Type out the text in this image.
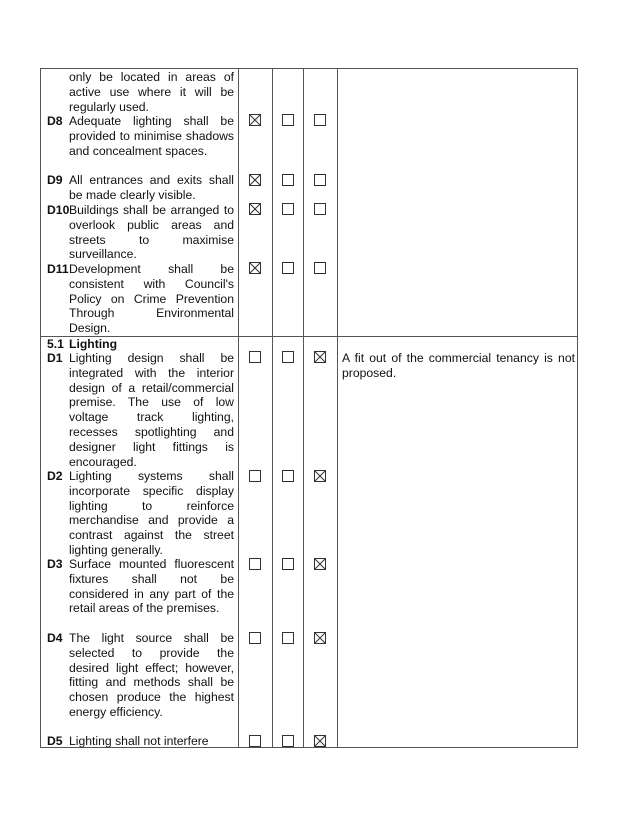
only be located in areas of active use where it will be regularly used.
D8 Adequate lighting shall be provided to minimise shadows and concealment spaces.
D9 All entrances and exits shall be made clearly visible.
D10 Buildings shall be arranged to overlook public areas and streets to maximise surveillance.
D11 Development shall be consistent with Council's Policy on Crime Prevention Through Environmental Design.
5.1 Lighting
A fit out of the commercial tenancy is not proposed.
D1 Lighting design shall be integrated with the interior design of a retail/commercial premise. The use of low voltage track lighting, recesses spotlighting and designer light fittings is encouraged.
D2 Lighting systems shall incorporate specific display lighting to reinforce merchandise and provide a contrast against the street lighting generally.
D3 Surface mounted fluorescent fixtures shall not be considered in any part of the retail areas of the premises.
D4 The light source shall be selected to provide the desired light effect; however, fitting and methods shall be chosen produce the highest energy efficiency.
D5 Lighting shall not interfere
